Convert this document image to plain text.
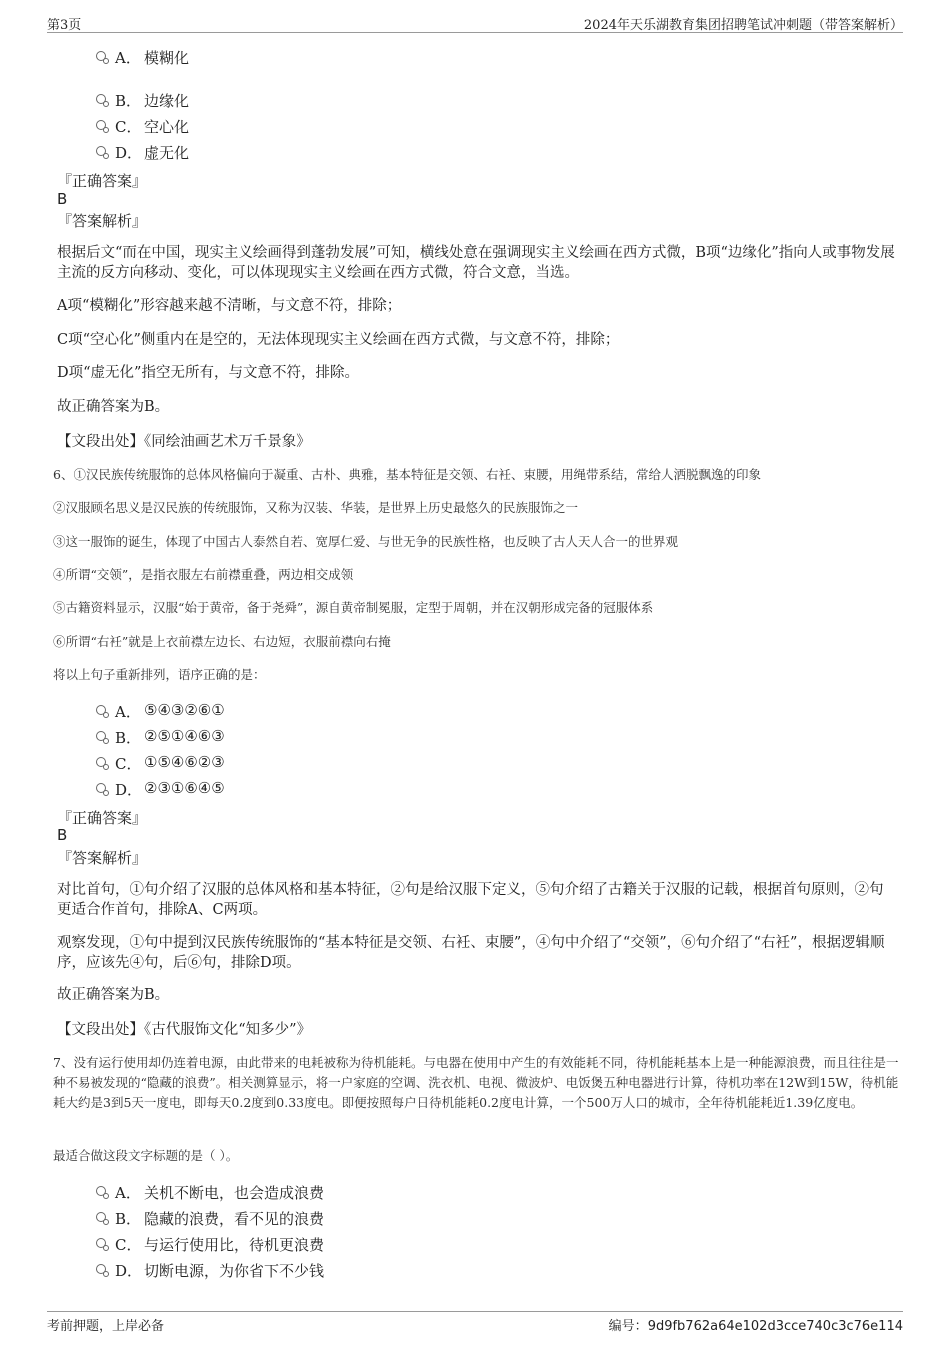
第3页	2024年天乐湖教育集团招聘笔试冲刺题（带答案解析）
A． 模糊化
B． 边缘化
C． 空心化
D． 虚无化
『正确答案』
B
『答案解析』
根据后文“而在中国，现实主义绘画得到蓬勃发展”可知，横线处意在强调现实主义绘画在西方式微，B项“边缘化”指向人或事物发展主流的反方向移动、变化，可以体现现实主义绘画在西方式微，符合文意，当选。
A项“模糊化”形容越来越不清晰，与文意不符，排除；
C项“空心化”侧重内在是空的，无法体现现实主义绘画在西方式微，与文意不符，排除；
D项“虚无化”指空无所有，与文意不符，排除。
故正确答案为B。
【文段出处】《同绘油画艺术万千景象》
6、①汉民族传统服饰的总体风格偏向于凝重、古朴、典雅，基本特征是交领、右衽、束腰，用绳带系结，常给人洒脱飘逸的印象
②汉服顾名思义是汉民族的传统服饰，又称为汉装、华装，是世界上历史最悠久的民族服饰之一
③这一服饰的诞生，体现了中国古人泰然自若、宽厚仁爱、与世无争的民族性格，也反映了古人天人合一的世界观
④所谓“交领”，是指衣服左右前襟重叠，两边相交成领
⑤古籍资料显示，汉服“始于黄帝，备于尧舜”，源自黄帝制冕服，定型于周朝，并在汉朝形成完备的冠服体系
⑥所谓“右衽”就是上衣前襟左边长、右边短，衣服前襟向右掩
将以上句子重新排列，语序正确的是：
A． ⑤④③②⑥①
B． ②⑤①④⑥③
C． ①⑤④⑥②③
D． ②③①⑥④⑤
『正确答案』
B
『答案解析』
对比首句，①句介绍了汉服的总体风格和基本特征，②句是给汉服下定义，⑤句介绍了古籍关于汉服的记载，根据首句原则，②句更适合作首句，排除A、C两项。
观察发现，①句中提到汉民族传统服饰的“基本特征是交领、右衽、束腰”，④句中介绍了“交领”，⑥句介绍了“右衽”，根据逻辑顺序，应该先④句，后⑥句，排除D项。
故正确答案为B。
【文段出处】《古代服饰文化“知多少”》
7、没有运行使用却仍连着电源，由此带来的电耗被称为待机能耗。与电器在使用中产生的有效能耗不同，待机能耗基本上是一种能源浪费，而且往往是一种不易被发现的“隐藏的浪费”。相关测算显示，将一户家庭的空调、洗衣机、电视、微波炉、电饭煲五种电器进行计算，待机功率在12W到15W，待机能耗大约是3到5天一度电，即每天0.2度到0.33度电。即便按照每户日待机能耗0.2度电计算，一个500万人口的城市，全年待机能耗近1.39亿度电。
最适合做这段文字标题的是（ ）。
A． 关机不断电，也会造成浪费
B． 隐藏的浪费，看不见的浪费
C． 与运行使用比，待机更浪费
D． 切断电源，为你省下不少钱
考前押题，上岸必备	编号：9d9fb762a64e102d3cce740c3c76e114
